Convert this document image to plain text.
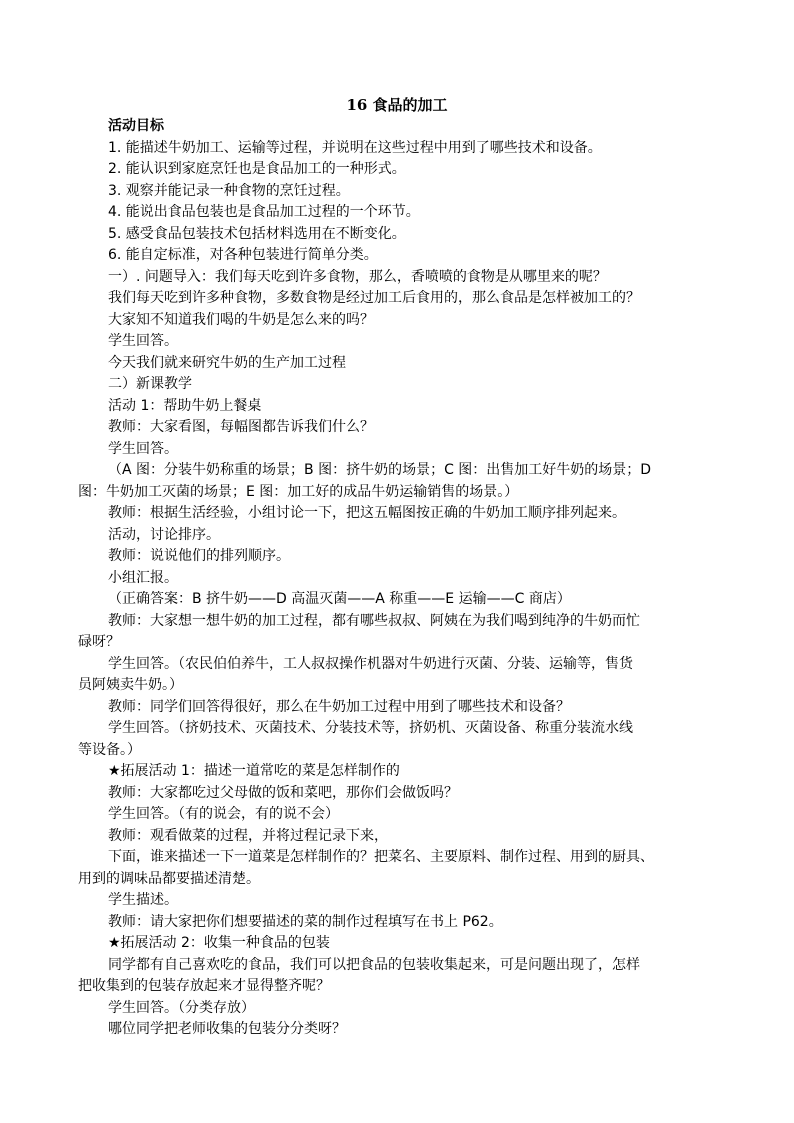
16 食品的加工
活动目标
1. 能描述牛奶加工、运输等过程，并说明在这些过程中用到了哪些技术和设备。
2. 能认识到家庭烹饪也是食品加工的一种形式。
3. 观察并能记录一种食物的烹饪过程。
4. 能说出食品包装也是食品加工过程的一个环节。
5. 感受食品包装技术包括材料选用在不断变化。
6. 能自定标准，对各种包装进行简单分类。
一）. 问题导入：我们每天吃到许多食物，那么，香喷喷的食物是从哪里来的呢？
我们每天吃到许多种食物，多数食物是经过加工后食用的，那么食品是怎样被加工的？
大家知不知道我们喝的牛奶是怎么来的吗？
学生回答。
今天我们就来研究牛奶的生产加工过程
二）新课教学
活动 1：帮助牛奶上餐桌
教师：大家看图，每幅图都告诉我们什么？
学生回答。
（A 图：分装牛奶称重的场景；B 图：挤牛奶的场景；C 图：出售加工好牛奶的场景；D
图：牛奶加工灭菌的场景；E 图：加工好的成品牛奶运输销售的场景。）
教师：根据生活经验，小组讨论一下，把这五幅图按正确的牛奶加工顺序排列起来。
活动，讨论排序。
教师：说说他们的排列顺序。
小组汇报。
（正确答案：B 挤牛奶——D 高温灭菌——A 称重——E 运输——C 商店）
教师：大家想一想牛奶的加工过程，都有哪些叔叔、阿姨在为我们喝到纯净的牛奶而忙
碌呀？
学生回答。（农民伯伯养牛，工人叔叔操作机器对牛奶进行灭菌、分装、运输等，售货
员阿姨卖牛奶。）
教师：同学们回答得很好，那么在牛奶加工过程中用到了哪些技术和设备？
学生回答。（挤奶技术、灭菌技术、分装技术等，挤奶机、灭菌设备、称重分装流水线
等设备。）
★拓展活动 1：描述一道常吃的菜是怎样制作的
教师：大家都吃过父母做的饭和菜吧，那你们会做饭吗？
学生回答。（有的说会，有的说不会）
教师：观看做菜的过程，并将过程记录下来，
下面，谁来描述一下一道菜是怎样制作的？把菜名、主要原料、制作过程、用到的厨具、
用到的调味品都要描述清楚。
学生描述。
教师：请大家把你们想要描述的菜的制作过程填写在书上 P62。
★拓展活动 2：收集一种食品的包装
同学都有自己喜欢吃的食品，我们可以把食品的包装收集起来，可是问题出现了，怎样
把收集到的包装存放起来才显得整齐呢？
学生回答。（分类存放）
哪位同学把老师收集的包装分分类呀？
